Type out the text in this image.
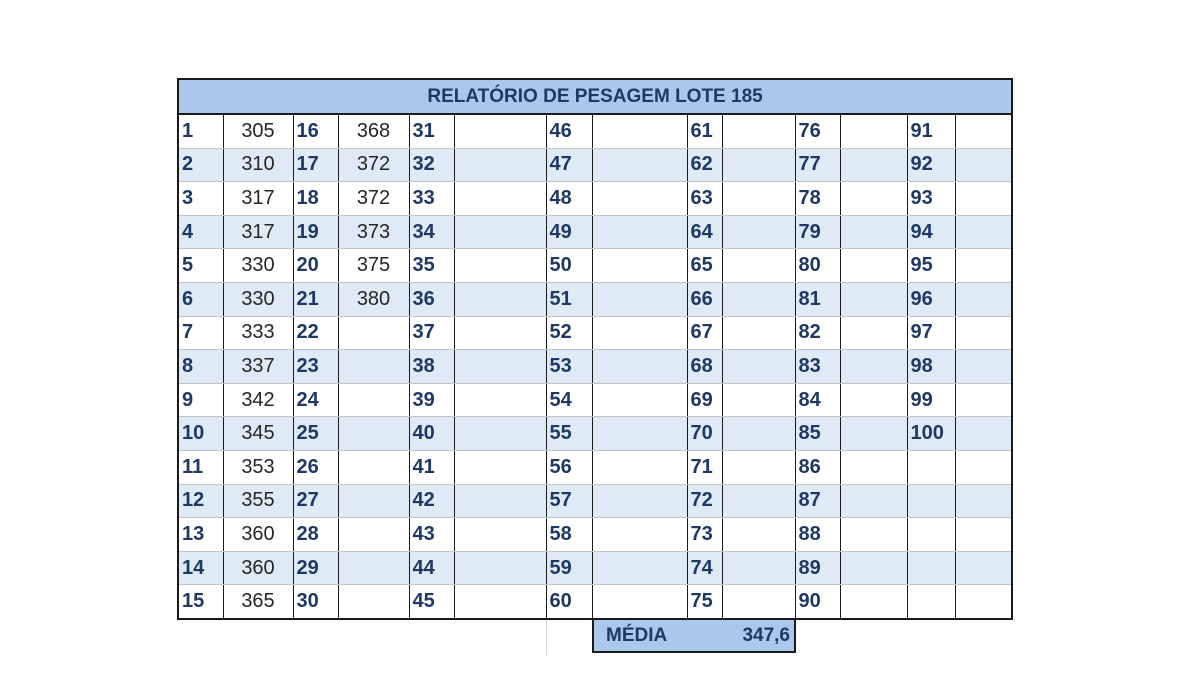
RELATÓRIO DE PESAGEM LOTE 185													
1	305	16	368	31		46		61		76		91	
2	310	17	372	32		47		62		77		92	
3	317	18	372	33		48		63		78		93	
4	317	19	373	34		49		64		79		94	
5	330	20	375	35		50		65		80		95	
6	330	21	380	36		51		66		81		96	
7	333	22		37		52		67		82		97	
8	337	23		38		53		68		83		98	
9	342	24		39		54		69		84		99	
10	345	25		40		55		70		85		100	
11	353	26		41		56		71		86			
12	355	27		42		57		72		87			
13	360	28		43		58		73		88			
14	360	29		44		59		74		89			
15	365	30		45		60		75		90			
MÉDIA	347,6
